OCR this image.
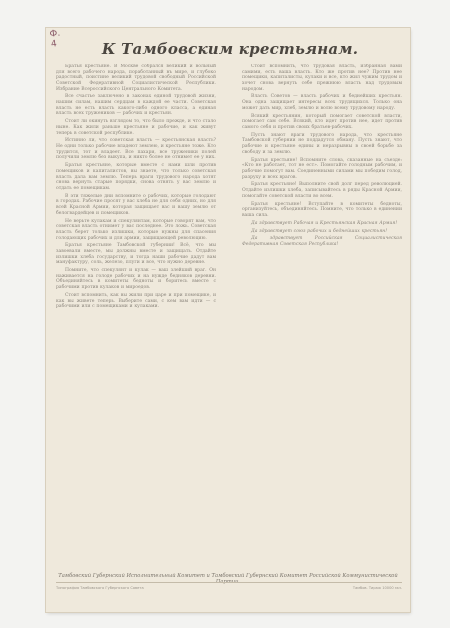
Ф.
4	К Тамбовским крестьянам.

Братья крестьяне. В Москве собрался великий и вольный для всего рабочего народа, поработанный въ мире, и глубоко радостный, поистине великий трудовой свободный Российской Советской Федеративной Социалистической Республики. Избрание Всероссийского Центрального Комитета.

Все счастье заключено в законах единой трудовой жизни, нашим силам, нашим сердцам в каждой ее части. Советская власть не есть власть какого-либо одного класса, а единая власть всех тружеников — рабочих и крестьян.

Стоит ли окинуть взглядом то, что было прежде, и что стало ныне. Как жили раньше крестьяне и рабочие, и как живут теперь в советской республике.

Истинно ли, что советская власть — крестьянская власть? Не одни только рабочие владеют землею, и крестьяне тоже. Кто трудится, тот и владеет. Все пахари, все труженики полей получили землю без выкупа, и никто более не отнимет ее у них.

Братья крестьяне, которые вместе с нами шли против помещиков и капиталистов, вы знаете, что только советская власть дала вам землю. Теперь враги трудового народа хотят снова вернуть старые порядки, снова отнять у вас землю и отдать ее помещикам.

В эти тяжелые дни вспомните о рабочих, которые голодают в городах. Рабочие просят у вас хлеба не для себя одних, но для всей Красной Армии, которая защищает вас и вашу землю от белогвардейцев и помещиков.

Не верьте кулакам и спекулянтам, которые говорят вам, что советская власть отнимет у вас последнее. Это ложь. Советская власть берет только излишки, которые нужны для спасения голодающих рабочих и для армии, защищающей революцию.

Братья крестьяне Тамбовской губернии! Всё, что мы завоевали вместе, мы должны вместе и защищать. Отдайте излишки хлеба государству, и тогда наши рабочие дадут вам мануфактуру, соль, железо, плуги и все, что нужно деревне.

Помните, что спекулянт и кулак — ваш злейший враг. Он наживается на голоде рабочих и на нужде бедняков деревни. Объединяйтесь в комитеты бедноты и боритесь вместе с рабочими против кулаков и мироедов.

Стоит вспомнить, как вы жили при царе и при помещике, и как вы живете теперь. Выберите сами, с кем вам идти — с рабочими или с помещиками и кулаками.

Стоит вспомнить, что трудовая власть, избранная вами самими, есть ваша власть. Кто же против нее? Против нее помещики, капиталисты, кулаки и все, кто жил чужим трудом и хочет снова вернуть себе прежнюю власть над трудовым народом.

Власть Советов — власть рабочих и беднейших крестьян. Она одна защищает интересы всех трудящихся. Только она может дать мир, хлеб, землю и волю всему трудовому народу.

Всякий крестьянин, который помогает советской власти, помогает сам себе. Всякий, кто идет против нее, идет против самого себя и против своих братьев-рабочих.

Пусть знают враги трудового народа, что крестьяне Тамбовской губернии не поддадутся обману. Пусть знают, что рабочие и крестьяне едины и неразрывны в своей борьбе за свободу и за землю.

Братья крестьяне! Вспомните слова, сказанные на съезде: «Кто не работает, тот не ест». Помогайте голодным рабочим, и рабочие помогут вам. Соединенными силами мы победим голод, разруху и всех врагов.

Братья крестьяне! Выполните свой долг перед революцией. Отдайте излишки хлеба, записывайтесь в ряды Красной Армии, помогайте советской власти во всем.

Братья крестьяне! Вступайте в комитеты бедноты, организуйтесь, объединяйтесь. Помните, что только в единении ваша сила.

Да здравствует Рабочая и Крестьянская Красная Армия!

Да здравствует союз рабочих и беднейших крестьян!

Да здравствует Российская Социалистическая Федеративная Советская Республика!

Тамбовский Губернский Исполнительный Комитет и Тамбовский Губернский Комитет Российской Коммунистической Партии.
Типография Тамбовского Губернского Совета	Тамбов. Тираж 10000 экз.
